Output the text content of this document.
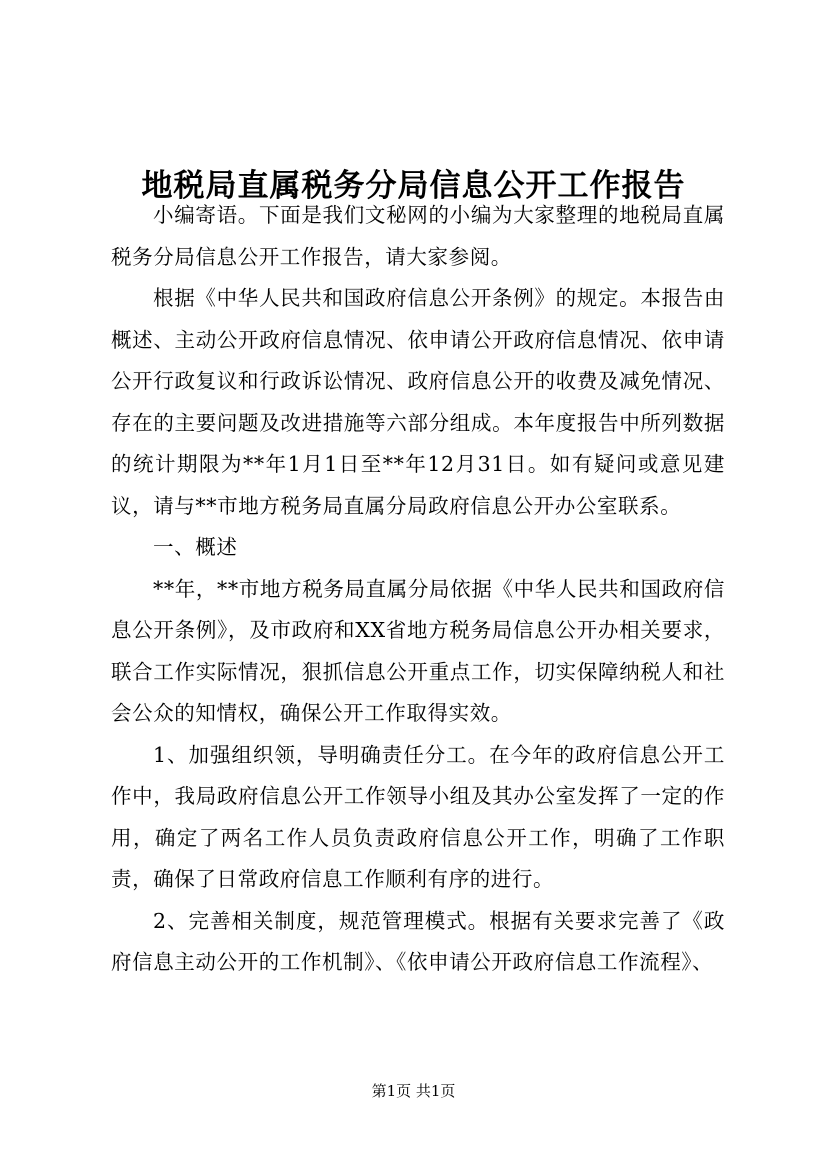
地税局直属税务分局信息公开工作报告

小编寄语。下面是我们文秘网的小编为大家整理的地税局直属税务分局信息公开工作报告，请大家参阅。

根据《中华人民共和国政府信息公开条例》的规定。本报告由概述、主动公开政府信息情况、依申请公开政府信息情况、依申请公开行政复议和行政诉讼情况、政府信息公开的收费及减免情况、存在的主要问题及改进措施等六部分组成。本年度报告中所列数据的统计期限为**年1月1日至**年12月31日。如有疑问或意见建议，请与**市地方税务局直属分局政府信息公开办公室联系。

一、概述

**年，**市地方税务局直属分局依据《中华人民共和国政府信息公开条例》，及市政府和XX省地方税务局信息公开办相关要求，联合工作实际情况，狠抓信息公开重点工作，切实保障纳税人和社会公众的知情权，确保公开工作取得实效。

1、加强组织领，导明确责任分工。在今年的政府信息公开工作中，我局政府信息公开工作领导小组及其办公室发挥了一定的作用，确定了两名工作人员负责政府信息公开工作，明确了工作职责，确保了日常政府信息工作顺利有序的进行。

2、完善相关制度，规范管理模式。根据有关要求完善了《政府信息主动公开的工作机制》、《依申请公开政府信息工作流程》、

第1页 共1页
